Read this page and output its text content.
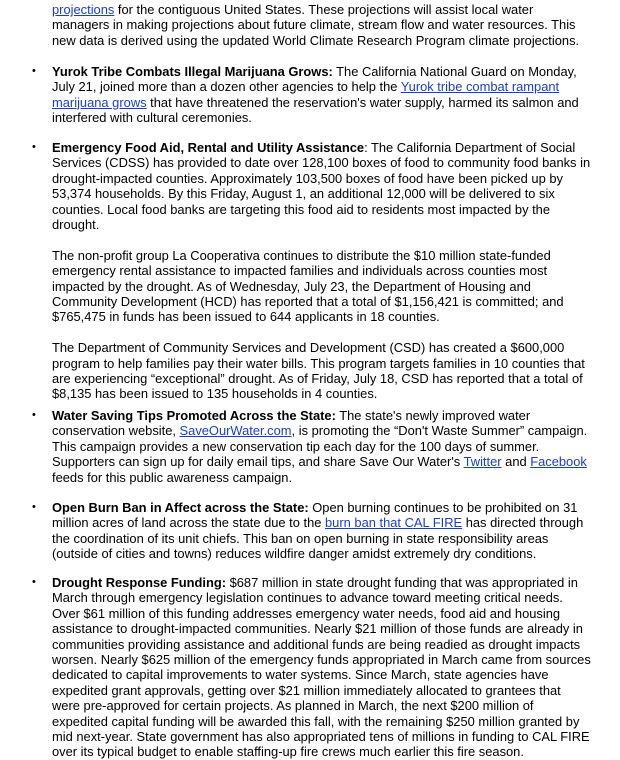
projections for the contiguous United States. These projections will assist local water managers in making projections about future climate, stream flow and water resources. This new data is derived using the updated World Climate Research Program climate projections.

•	Yurok Tribe Combats Illegal Marijuana Grows: The California National Guard on Monday, July 21, joined more than a dozen other agencies to help the Yurok tribe combat rampant marijuana grows that have threatened the reservation's water supply, harmed its salmon and interfered with cultural ceremonies.

•	Emergency Food Aid, Rental and Utility Assistance: The California Department of Social Services (CDSS) has provided to date over 128,100 boxes of food to community food banks in drought-impacted counties. Approximately 103,500 boxes of food have been picked up by 53,374 households. By this Friday, August 1, an additional 12,000 will be delivered to six counties. Local food banks are targeting this food aid to residents most impacted by the drought.

The non-profit group La Cooperativa continues to distribute the $10 million state-funded emergency rental assistance to impacted families and individuals across counties most impacted by the drought. As of Wednesday, July 23, the Department of Housing and Community Development (HCD) has reported that a total of $1,156,421 is committed; and $765,475 in funds has been issued to 644 applicants in 18 counties.

The Department of Community Services and Development (CSD) has created a $600,000 program to help families pay their water bills. This program targets families in 10 counties that are experiencing “exceptional” drought. As of Friday, July 18, CSD has reported that a total of $8,135 has been issued to 135 households in 4 counties.

•	Water Saving Tips Promoted Across the State: The state's newly improved water conservation website, SaveOurWater.com, is promoting the “Don't Waste Summer” campaign. This campaign provides a new conservation tip each day for the 100 days of summer. Supporters can sign up for daily email tips, and share Save Our Water's Twitter and Facebook feeds for this public awareness campaign.

•	Open Burn Ban in Affect across the State: Open burning continues to be prohibited on 31 million acres of land across the state due to the burn ban that CAL FIRE has directed through the coordination of its unit chiefs. This ban on open burning in state responsibility areas (outside of cities and towns) reduces wildfire danger amidst extremely dry conditions.

•	Drought Response Funding: $687 million in state drought funding that was appropriated in March through emergency legislation continues to advance toward meeting critical needs. Over $61 million of this funding addresses emergency water needs, food aid and housing assistance to drought-impacted communities. Nearly $21 million of those funds are already in communities providing assistance and additional funds are being readied as drought impacts worsen. Nearly $625 million of the emergency funds appropriated in March came from sources dedicated to capital improvements to water systems. Since March, state agencies have expedited grant approvals, getting over $21 million immediately allocated to grantees that were pre-approved for certain projects. As planned in March, the next $200 million of expedited capital funding will be awarded this fall, with the remaining $250 million granted by mid next-year. State government has also appropriated tens of millions in funding to CAL FIRE over its typical budget to enable staffing-up fire crews much earlier this fire season.
